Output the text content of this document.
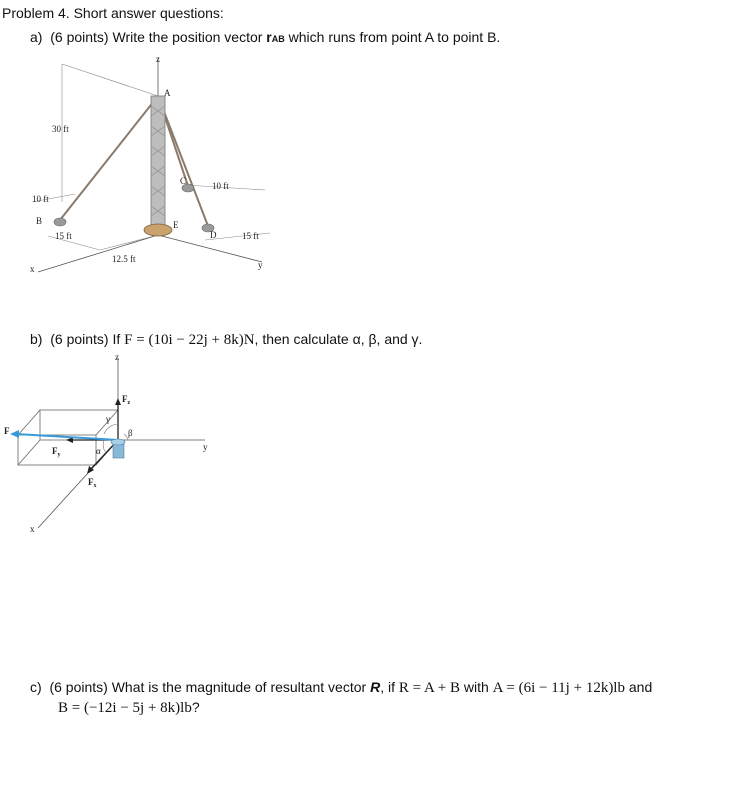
Problem 4. Short answer questions:
a) (6 points) Write the position vector rAB which runs from point A to point B.
z
x	y
A
B
C
D
E
30 ft
10 ft
15 ft
12.5 ft
10 ft
15 ft
b) (6 points) If F = (10i − 22j + 8k)N, then calculate α, β, and γ.
z
y
x
F
$F_z$
$F_y$
$F_x$
γ
β
α
c) (6 points) What is the magnitude of resultant vector R, if R = A + B with A = (6i − 11j + 12k)lb and
B = (−12i − 5j + 8k)lb?
